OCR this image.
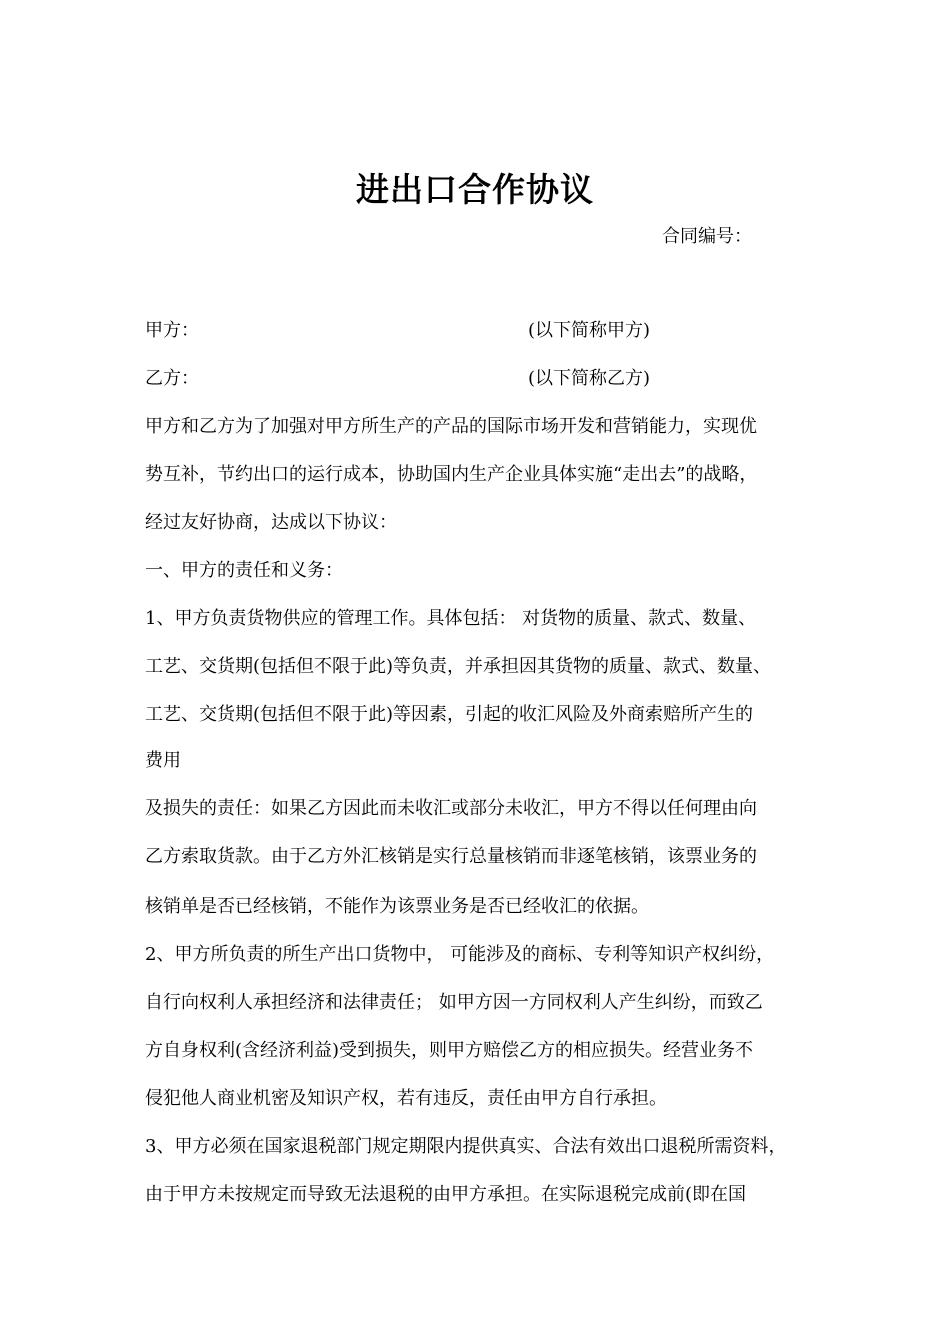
进出口合作协议
合同编号：
甲方：	(以下简称甲方)
乙方：	(以下简称乙方)
甲方和乙方为了加强对甲方所生产的产品的国际市场开发和营销能力，实现优
势互补，节约出口的运行成本，协助国内生产企业具体实施“走出去”的战略，
经过友好协商，达成以下协议：
一、甲方的责任和义务：
1、甲方负责货物供应的管理工作。具体包括： 对货物的质量、款式、数量、
工艺、交货期(包括但不限于此)等负责，并承担因其货物的质量、款式、数量、
工艺、交货期(包括但不限于此)等因素，引起的收汇风险及外商索赔所产生的
费用
及损失的责任：如果乙方因此而未收汇或部分未收汇，甲方不得以任何理由向
乙方索取货款。由于乙方外汇核销是实行总量核销而非逐笔核销，该票业务的
核销单是否已经核销，不能作为该票业务是否已经收汇的依据。
2、甲方所负责的所生产出口货物中， 可能涉及的商标、专利等知识产权纠纷，
自行向权利人承担经济和法律责任； 如甲方因一方同权利人产生纠纷，而致乙
方自身权利(含经济利益)受到损失，则甲方赔偿乙方的相应损失。经营业务不
侵犯他人商业机密及知识产权，若有违反，责任由甲方自行承担。
3、甲方必须在国家退税部门规定期限内提供真实、合法有效出口退税所需资料，
由于甲方未按规定而导致无法退税的由甲方承担。在实际退税完成前(即在国
